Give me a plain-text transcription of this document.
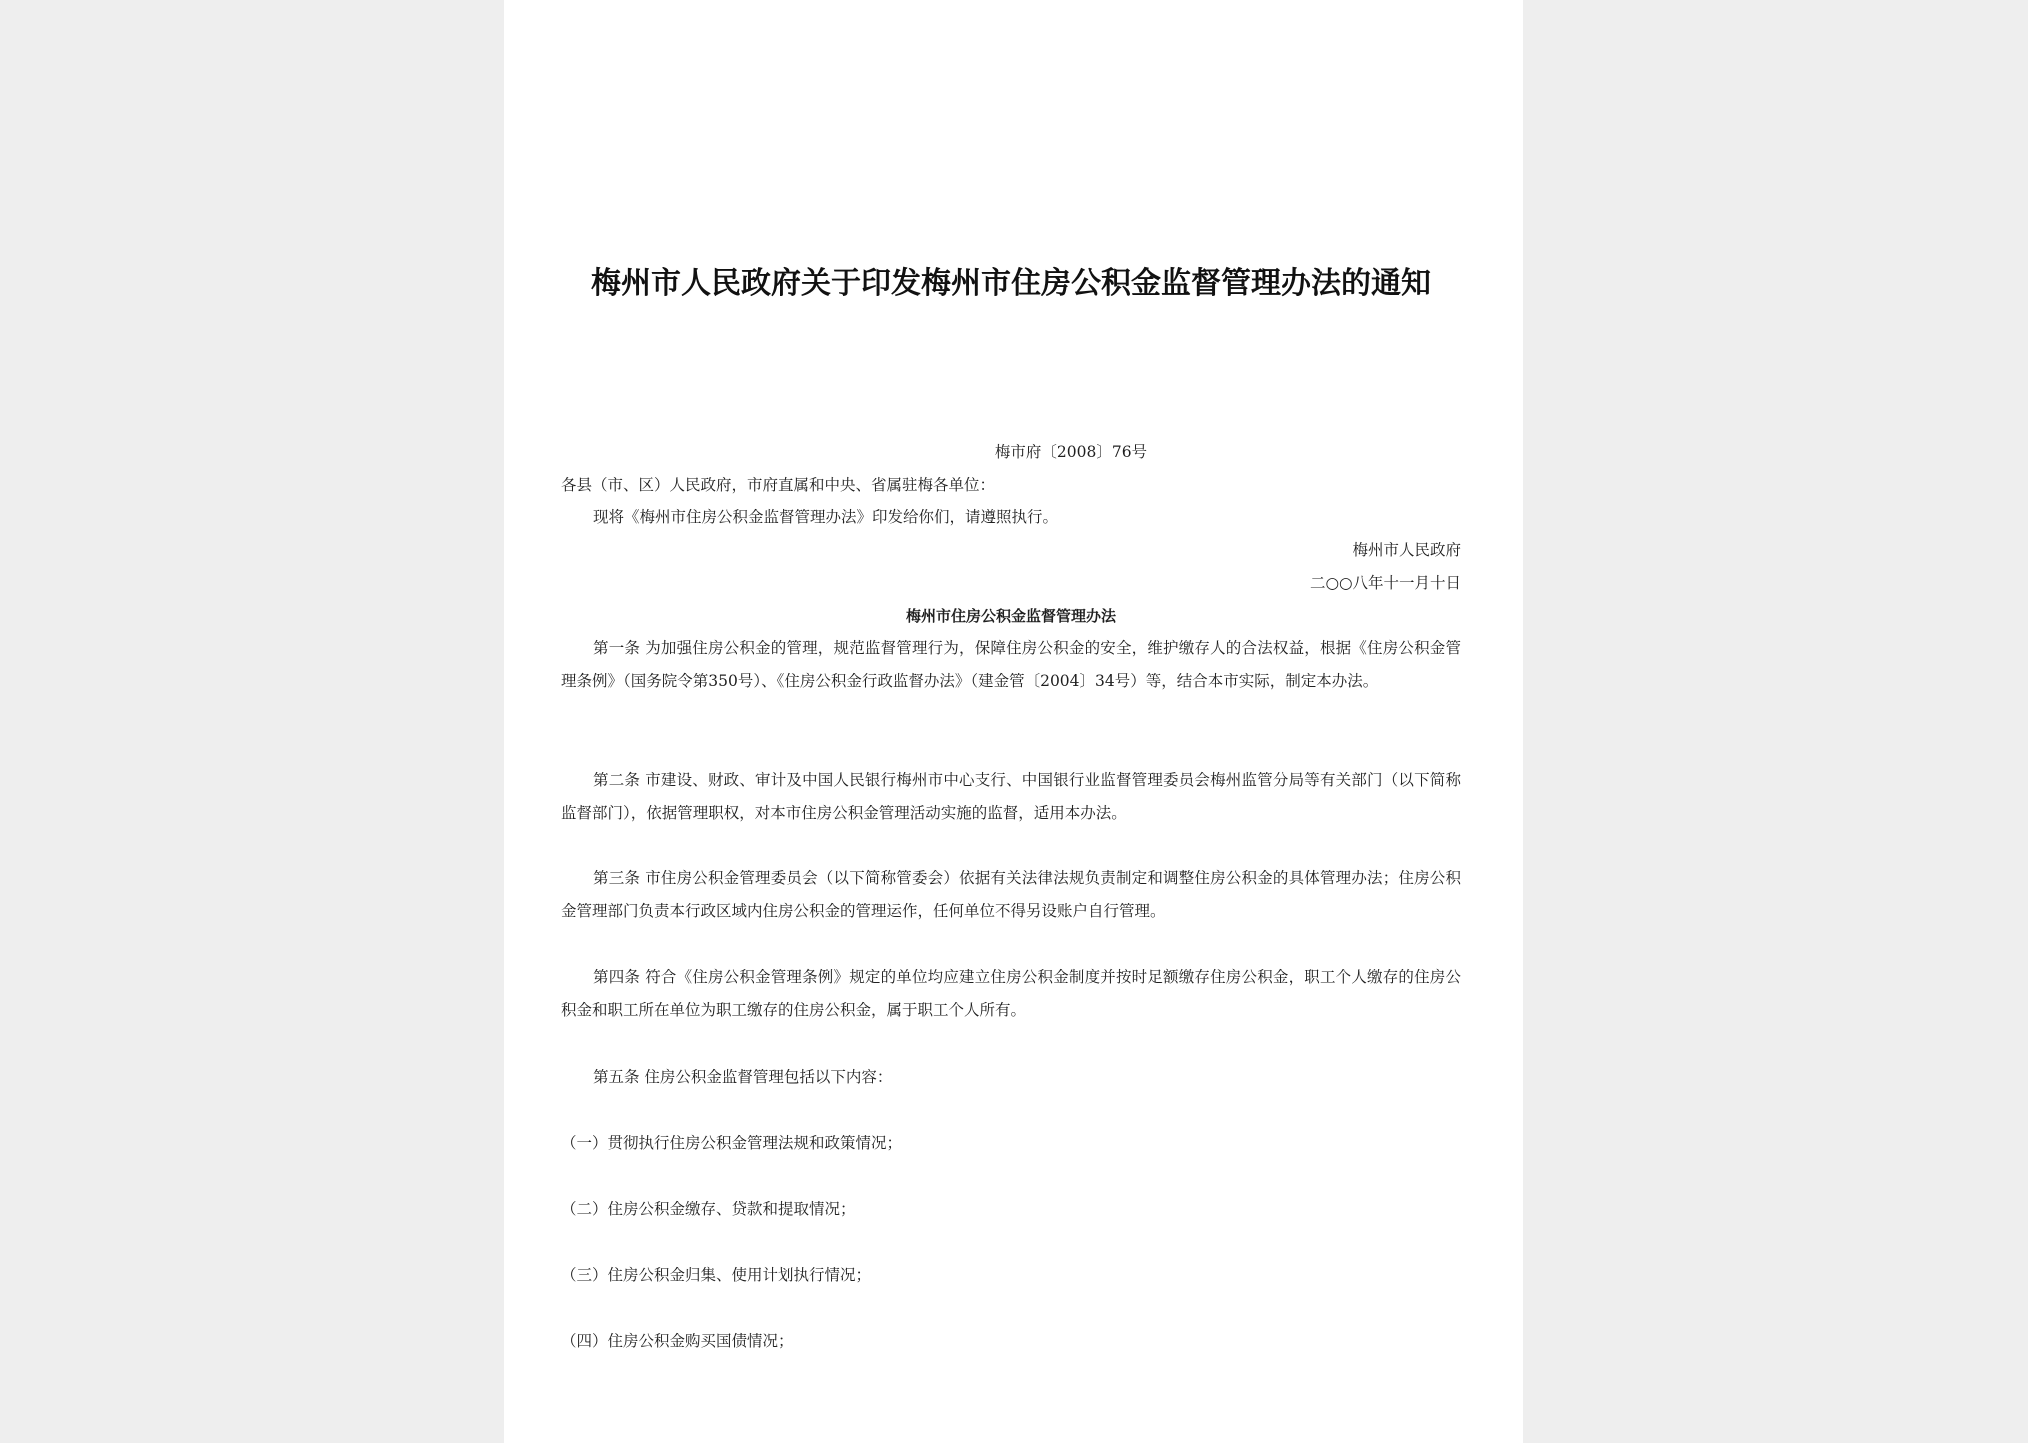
梅州市人民政府关于印发梅州市住房公积金监督管理办法的通知
梅市府〔2008〕76号
各县（市、区）人民政府，市府直属和中央、省属驻梅各单位：
现将《梅州市住房公积金监督管理办法》印发给你们，请遵照执行。
梅州市人民政府
二○○八年十一月十日
梅州市住房公积金监督管理办法
第一条 为加强住房公积金的管理，规范监督管理行为，保障住房公积金的安全，维护缴存人的合法权益，根据《住房公积金管理条例》（国务院令第350号）、《住房公积金行政监督办法》（建金管〔2004〕34号）等，结合本市实际，制定本办法。
第二条 市建设、财政、审计及中国人民银行梅州市中心支行、中国银行业监督管理委员会梅州监管分局等有关部门（以下简称监督部门），依据管理职权，对本市住房公积金管理活动实施的监督，适用本办法。
第三条 市住房公积金管理委员会（以下简称管委会）依据有关法律法规负责制定和调整住房公积金的具体管理办法；住房公积金管理部门负责本行政区域内住房公积金的管理运作，任何单位不得另设账户自行管理。
第四条 符合《住房公积金管理条例》规定的单位均应建立住房公积金制度并按时足额缴存住房公积金，职工个人缴存的住房公积金和职工所在单位为职工缴存的住房公积金，属于职工个人所有。
第五条 住房公积金监督管理包括以下内容：
（一）贯彻执行住房公积金管理法规和政策情况；
（二）住房公积金缴存、贷款和提取情况；
（三）住房公积金归集、使用计划执行情况；
（四）住房公积金购买国债情况；
